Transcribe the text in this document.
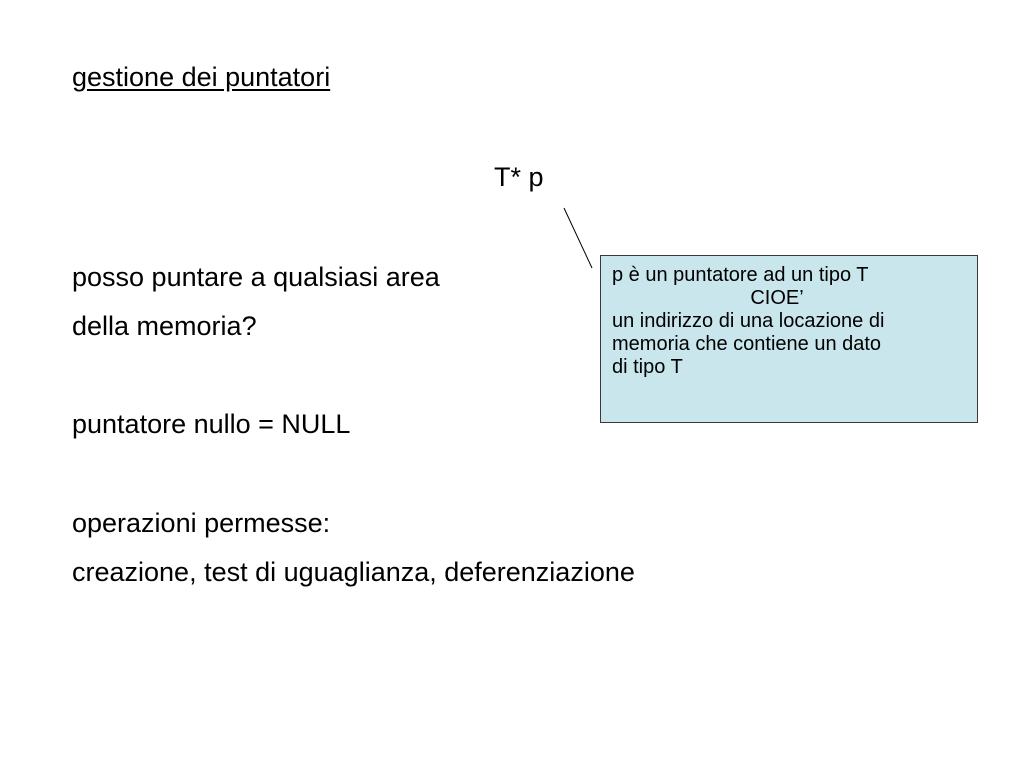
gestione dei puntatori
T* p
posso puntare a qualsiasi area
della memoria?
puntatore nullo = NULL
operazioni permesse:
creazione, test di uguaglianza, deferenziazione
p è un puntatore ad un tipo T
CIOE’
un indirizzo di una locazione di
memoria che contiene un dato
di tipo T
